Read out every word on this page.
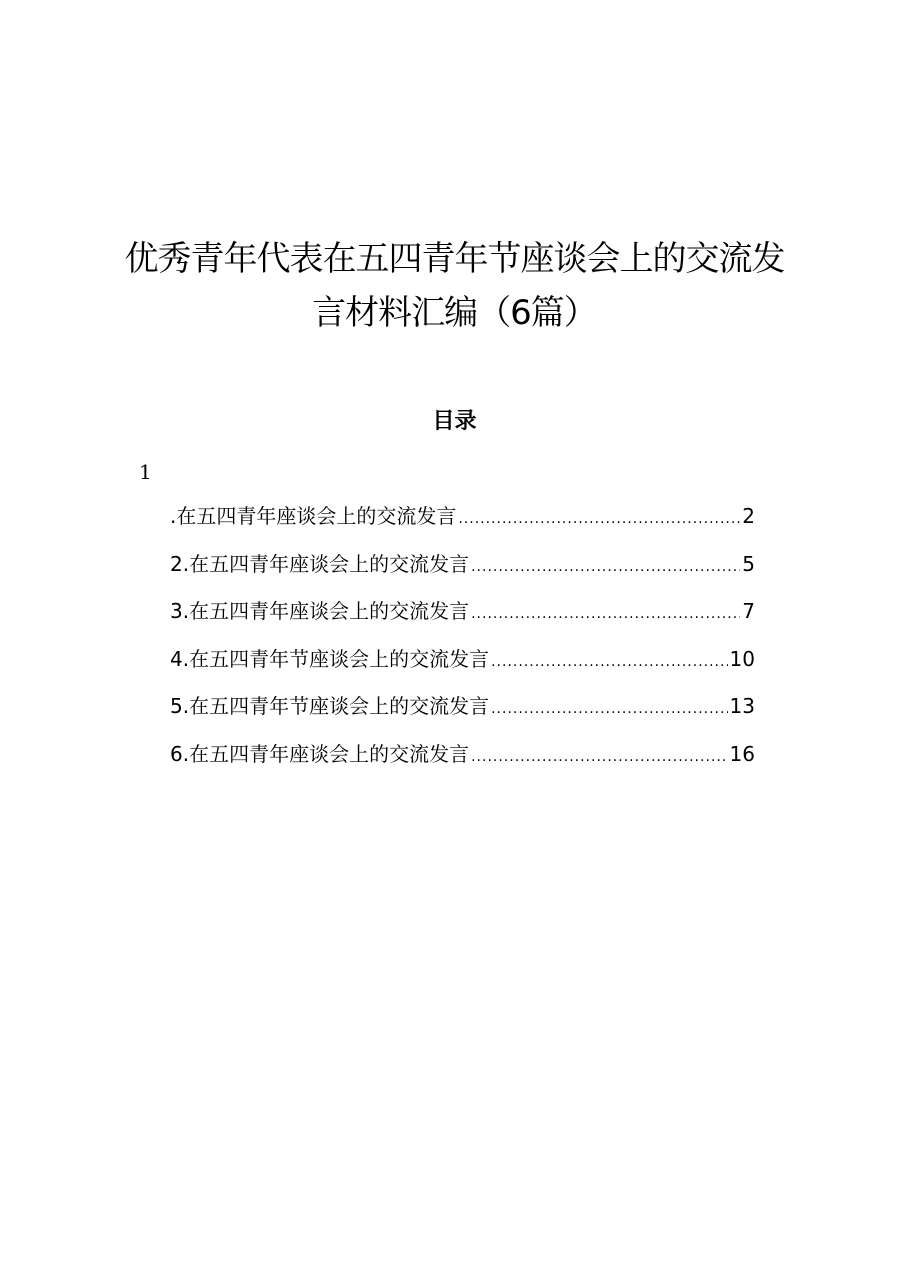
优秀青年代表在五四青年节座谈会上的交流发
言材料汇编（6篇）
目录
1
.在五四青年座谈会上的交流发言 .....	2
2.在五四青年座谈会上的交流发言 .....	5
3.在五四青年座谈会上的交流发言 .....	7
4.在五四青年节座谈会上的交流发言 .....	10
5.在五四青年节座谈会上的交流发言 .....	13
6.在五四青年座谈会上的交流发言 .....	16
